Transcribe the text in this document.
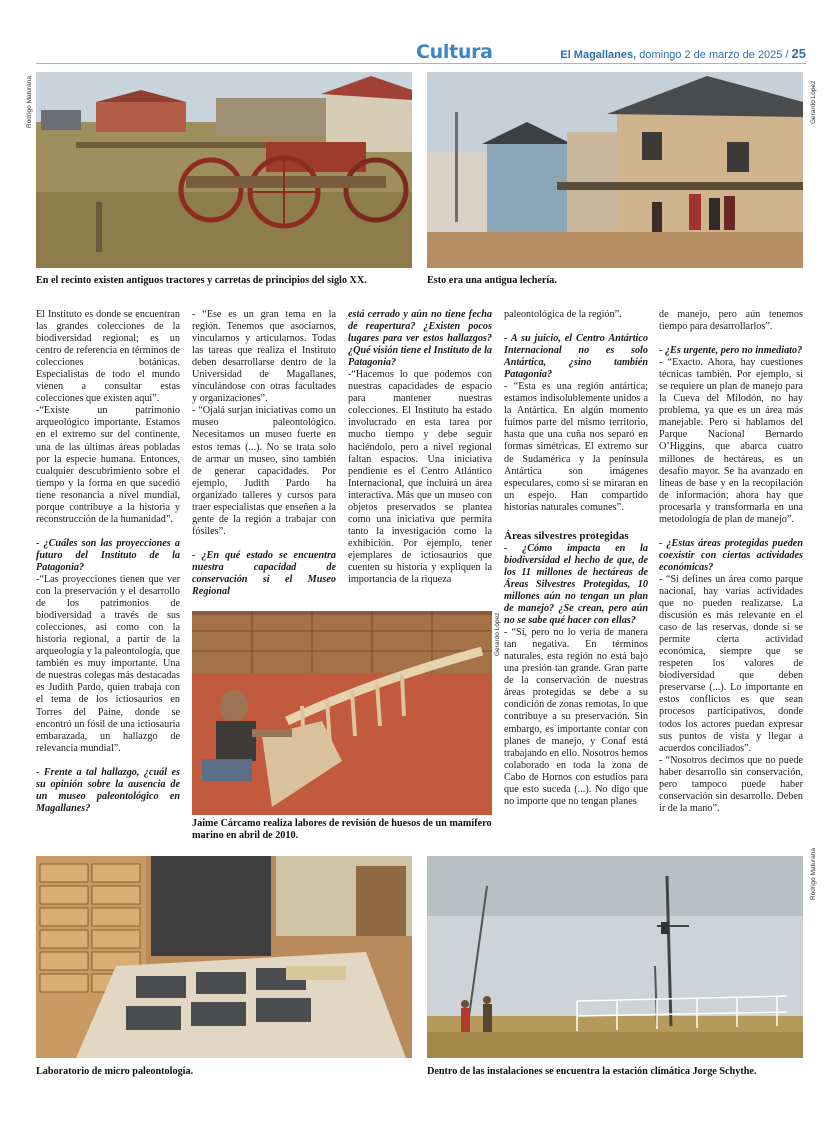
Cultura	El Magallanes, domingo 2 de marzo de 2025 / 25
Rodrigo Maturana
En el recinto existen antiguos tractores y carretas de principios del siglo XX.
Gerardo López
Esto era una antigua lechería.

El Instituto es donde se encuentran las grandes colecciones de la biodiversidad regional; es un centro de referencia en términos de colecciones botánicas. Especialistas de todo el mundo vienen a consultar estas colecciones que existen aquí”.

-“Existe un patrimonio arqueológico importante. Estamos en el extremo sur del continente, una de las últimas áreas pobladas por la especie humana. Entonces, cualquier descubrimiento sobre el tiempo y la forma en que sucedió tiene resonancia a nivel mundial, porque contribuye a la historia y reconstrucción de la humanidad”.

- ¿Cuáles son las proyecciones a futuro del Instituto de la Patagonia?

-“Las proyecciones tienen que ver con la preservación y el desarrollo de los patrimonios de biodiversidad a través de sus colecciones, así como con la historia regional, a partir de la arqueología y la paleontología, que también es muy importante. Una de nuestras colegas más destacadas es Judith Pardo, quien trabaja con el tema de los ictiosaurios en Torres del Paine, donde se encontró un fósil de una ictiosauria embarazada, un hallazgo de relevancia mundial”.

- Frente a tal hallazgo, ¿cuál es su opinión sobre la ausencia de un museo paleontológico en Magallanes?

- “Ese es un gran tema en la región. Tenemos que asociarnos, vincularnos y articularnos. Todas las tareas que realiza el Instituto deben desarrollarse dentro de la Universidad de Magallanes, vinculándose con otras facultades y organizaciones”.

- “Ojalá surjan iniciativas como un museo paleontológico. Necesitamos un museo fuerte en estos temas (...). No se trata solo de armar un museo, sino también de generar capacidades. Por ejemplo, Judith Pardo ha organizado talleres y cursos para traer especialistas que enseñen a la gente de la región a trabajar con fósiles”.

- ¿En qué estado se encuentra nuestra capacidad de conservación si el Museo Regional

está cerrado y aún no tiene fecha de reapertura? ¿Existen pocos lugares para ver estos hallazgos? ¿Qué visión tiene el Instituto de la Patagonia?

-“Hacemos lo que podemos con nuestras capacidades de espacio para mantener nuestras colecciones. El Instituto ha estado involucrado en esta tarea por mucho tiempo y debe seguir haciéndolo, pero a nivel regional faltan espacios. Una iniciativa pendiente es el Centro Atlántico Internacional, que incluirá un área interactiva. Más que un museo con objetos preservados se plantea como una iniciativa que permita tanto la investigación como la exhibición. Por ejemplo, tener ejemplares de ictiosaurios que cuenten su historia y expliquen la importancia de la riqueza

Jaime Cárcamo realiza labores de revisión de huesos de un mamífero marino en abril de 2010.

paleontológica de la región”.

- A su juicio, el Centro Antártico Internacional no es solo Antártica, ¿sino también Patagonia?

- “Esta es una región antártica; estamos indisolublemente unidos a la Antártica. En algún momento fuimos parte del mismo territorio, hasta que una cuña nos separó en formas simétricas. El extremo sur de Sudamérica y la península Antártica son imágenes especulares, como si se miraran en un espejo. Han compartido historias naturales comunes”.

Áreas silvestres protegidas

- ¿Cómo impacta en la biodiversidad el hecho de que, de los 11 millones de hectáreas de Áreas Silvestres Protegidas, 10 millones aún no tengan un plan de manejo? ¿Se crean, pero aún no se sabe qué hacer con ellas?

- “Sí, pero no lo vería de manera tan negativa. En términos naturales, esta región no está bajo una presión tan grande. Gran parte de la conservación de nuestras áreas protegidas se debe a su condición de zonas remotas, lo que contribuye a su preservación. Sin embargo, es importante contar con planes de manejo, y Conaf está trabajando en ello. Nosotros hemos colaborado en toda la zona de Cabo de Hornos con estudios para que esto suceda (...). No digo que no importe que no tengan planes

Gerardo López

de manejo, pero aún tenemos tiempo para desarrollarlos”.

- ¿Es urgente, pero no inmediato?

- “Exacto. Ahora, hay cuestiones técnicas también. Por ejemplo, si se requiere un plan de manejo para la Cueva del Milodón, no hay problema, ya que es un área más manejable. Pero si hablamos del Parque Nacional Bernardo O’Higgins, que abarca cuatro millones de hectáreas, es un desafío mayor. Se ha avanzado en líneas de base y en la recopilación de información; ahora hay que procesarla y transformarla en una metodología de plan de manejo”.

- ¿Estas áreas protegidas pueden coexistir con ciertas actividades económicas?

- “Si defines un área como parque nacional, hay varias actividades que no pueden realizarse. La discusión es más relevante en el caso de las reservas, donde sí se permite cierta actividad económica, siempre que se respeten los valores de biodiversidad que deben preservarse (...). Lo importante en estos conflictos es que sean procesos participativos, donde todos los actores puedan expresar sus puntos de vista y llegar a acuerdos conciliados”.

- “Nosotros decimos que no puede haber desarrollo sin conservación, pero tampoco puede haber conservación sin desarrollo. Deben ir de la mano”.

Laboratorio de micro paleontología.
Rodrigo Maturana
Dentro de las instalaciones se encuentra la estación climática Jorge Schythe.
